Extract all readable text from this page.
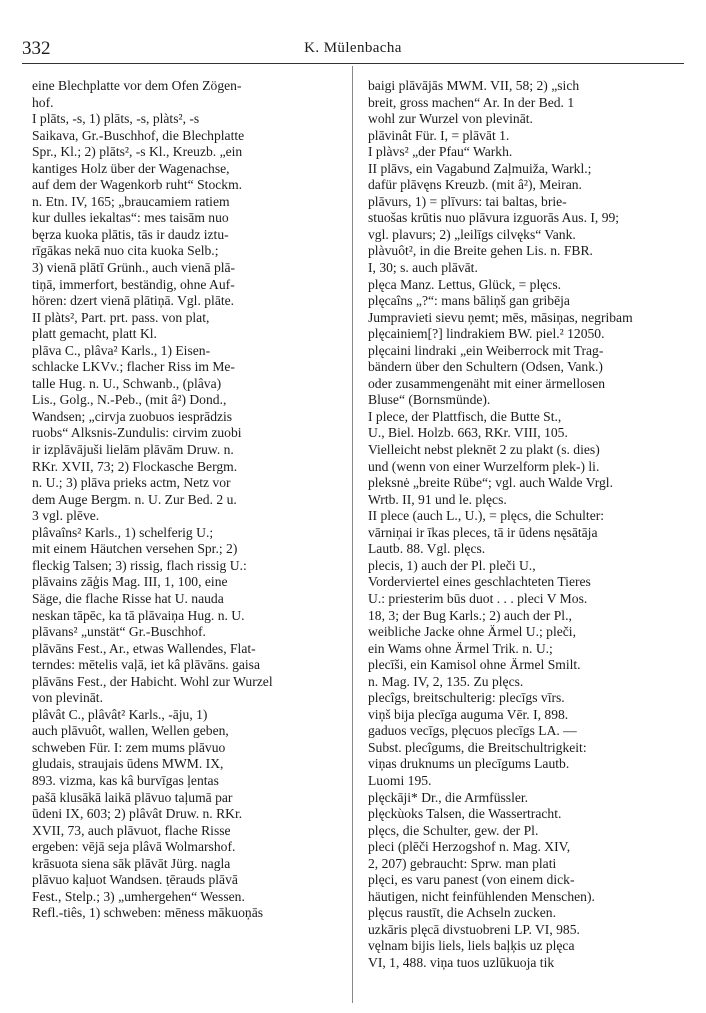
332	K. Mülenbacha
eine Blechplatte vor dem Ofen Zögen-
hof.
I plāts, -s, 1) plāts, -s, plàts², -s
Saikava, Gr.-Buschhof, die Blechplatte
Spr., Kl.; 2) plāts², -s Kl., Kreuzb. „ein
kantiges Holz über der Wagenachse,
auf dem der Wagenkorb ruht“ Stockm.
n. Etn. IV, 165; „braucamiem ratiem
kur dulles iekaltas“: mes taisām nuo
bęrza kuoka plātis, tās ir daudz iztu-
rīgākas nekā nuo cita kuoka Selb.;
3) vienā plātī Grünh., auch vienā plā-
tiņā, immerfort, beständig, ohne Auf-
hören: dzert vienā plātiņā. Vgl. plāte.
II plàts², Part. prt. pass. von plat,
platt gemacht, platt Kl.
plāva C., plâva² Karls., 1) Eisen-
schlacke LKVv.; flacher Riss im Me-
talle Hug. n. U., Schwanb., (plâva)
Lis., Golg., N.-Peb., (mit â²) Dond.,
Wandsen; „cirvja zuobuos iesprādzis
ruobs“ Alksnis-Zundulis: cirvim zuobi
ir izplāvājuši lielām plāvām Druw. n.
RKr. XVII, 73; 2) Flockasche Bergm.
n. U.; 3) plāva prieks actm, Netz vor
dem Auge Bergm. n. U. Zur Bed. 2 u.
3 vgl. plēve.
plâvaîns² Karls., 1) schelferig U.;
mit einem Häutchen versehen Spr.; 2)
fleckig Talsen; 3) rissig, flach rissig U.:
plāvains zāģis Mag. III, 1, 100, eine
Säge, die flache Risse hat U. nauda
neskan tāpēc, ka tā plāvaiņa Hug. n. U.
plāvans² „unstät“ Gr.-Buschhof.
plāvāns Fest., Ar., etwas Wallendes, Flat-
terndes: mētelis vaļā, iet kâ plāvāns. gaisa
plāvāns Fest., der Habicht. Wohl zur Wurzel
von plevināt.
plâvât C., plâvât² Karls., -āju, 1)
auch plāvuôt, wallen, Wellen geben,
schweben Für. I: zem mums plāvuo
gludais, straujais ūdens MWM. IX,
893. vizma, kas kâ burvīgas ļentas
pašā klusākā laikā plāvuo taļumā par
ūdeni IX, 603; 2) plâvât Druw. n. RKr.
XVII, 73, auch plāvuot, flache Risse
ergeben: vējā seja plâvā Wolmarshof.
krāsuota siena sāk plāvāt Jürg. nagla
plāvuo kaļuot Wandsen. ṭērauds plāvā
Fest., Stelp.; 3) „umhergehen“ Wessen.
Refl.-tiês, 1) schweben: mēness mākuoņās
baigi plāvājās MWM. VII, 58; 2) „sich
breit, gross machen“ Ar. In der Bed. 1
wohl zur Wurzel von plevināt.
plāvinât Für. I, = plāvāt 1.
I plàvs² „der Pfau“ Warkh.
II plāvs, ein Vagabund Zaļmuiža, Warkl.;
dafür plāvęns Kreuzb. (mit â²), Meiran.
plāvurs, 1) = plīvurs: tai baltas, brie-
stuošas krūtis nuo plāvura izguorās Aus. I, 99;
vgl. plavurs; 2) „leilīgs cilvęks“ Vank.
plàvuôt², in die Breite gehen Lis. n. FBR.
I, 30; s. auch plāvāt.
plęca Manz. Lettus, Glück, = plęcs.
plęcaîns „?“: mans bāliņš gan gribēja
Jumpravieti sievu ņemt; mēs, māsiņas, negribam
plęcainiem[?] lindrakiem BW. piel.² 12050.
plęcaini lindraki „ein Weiberrock mit Trag-
bändern über den Schultern (Odsen, Vank.)
oder zusammengenäht mit einer ärmellosen
Bluse“ (Bornsmünde).
I plece, der Plattfisch, die Butte St.,
U., Biel. Holzb. 663, RKr. VIII, 105.
Vielleicht nebst pleknēt 2 zu plakt (s. dies)
und (wenn von einer Wurzelform plek-) li.
pleksnė „breite Rübe“; vgl. auch Walde Vrgl.
Wrtb. II, 91 und le. plęcs.
II plece (auch L., U.), = plęcs, die Schulter:
vārniņai ir īkas pleces, tā ir ūdens nęsātāja
Lautb. 88. Vgl. plęcs.
plecis, 1) auch der Pl. pleči U.,
Vorderviertel eines geschlachteten Tieres
U.: priesterim būs duot . . . pleci V Mos.
18, 3; der Bug Karls.; 2) auch der Pl.,
weibliche Jacke ohne Ärmel U.; pleči,
ein Wams ohne Ärmel Trik. n. U.;
plecīši, ein Kamisol ohne Ärmel Smilt.
n. Mag. IV, 2, 135. Zu plęcs.
plecîgs, breitschulterig: plecīgs vīrs.
viņš bija plecīga auguma Vēr. I, 898.
gaduos vecīgs, plęcuos plecīgs LA. —
Subst. plecîgums, die Breitschultrigkeit:
viņas druknums un plecīgums Lautb.
Luomi 195.
plęckāji* Dr., die Armfüssler.
plęckùoks Talsen, die Wassertracht.
plęcs, die Schulter, gew. der Pl.
pleci (plēči Herzogshof n. Mag. XIV,
2, 207) gebraucht: Sprw. man plati
plęci, es varu panest (von einem dick-
häutigen, nicht feinfühlenden Menschen).
plęcus raustīt, die Achseln zucken.
uzkāris plęcā divstuobreni LP. VI, 985.
vęlnam bijis liels, liels baļķis uz plęca
VI, 1, 488. viņa tuos uzlūkuoja tik
